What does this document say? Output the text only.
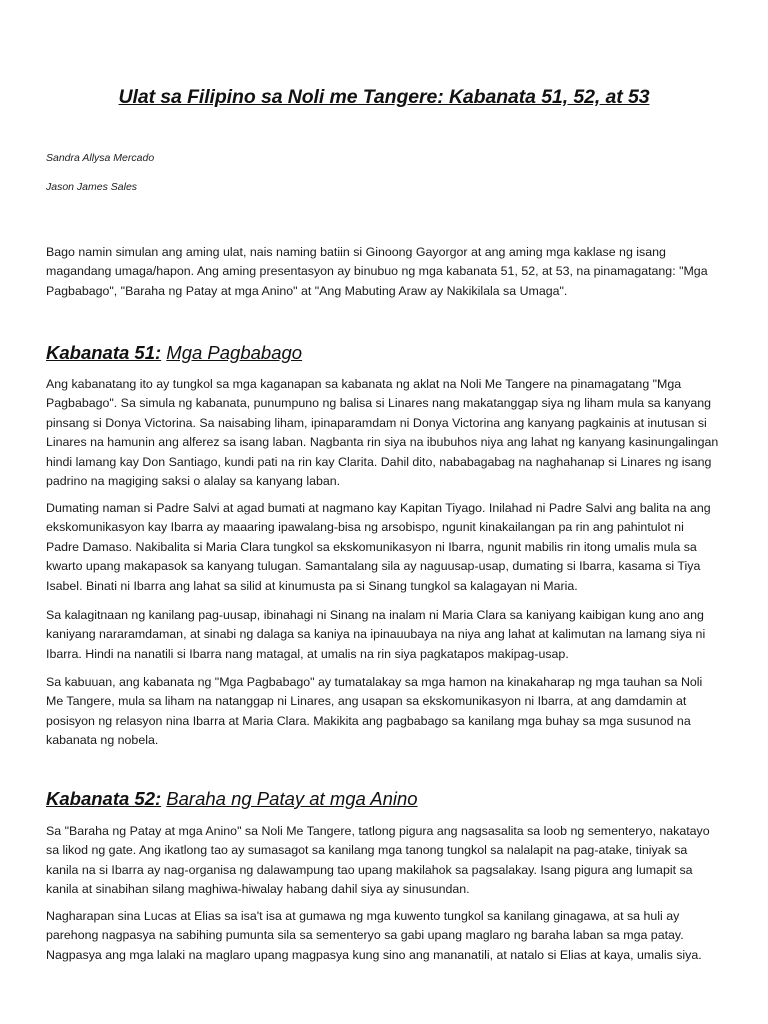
Ulat sa Filipino sa Noli me Tangere: Kabanata 51, 52, at 53
Sandra Allysa Mercado
Jason James Sales
Bago namin simulan ang aming ulat, nais naming batiin si Ginoong Gayorgor at ang aming mga kaklase ng isang
magandang umaga/hapon. Ang aming presentasyon ay binubuo ng mga kabanata 51, 52, at 53, na pinamagatang: "Mga
Pagbabago", "Baraha ng Patay at mga Anino" at "Ang Mabuting Araw ay Nakikilala sa Umaga".
Kabanata 51: Mga Pagbabago
Ang kabanatang ito ay tungkol sa mga kaganapan sa kabanata ng aklat na Noli Me Tangere na pinamagatang "Mga
Pagbabago". Sa simula ng kabanata, punumpuno ng balisa si Linares nang makatanggap siya ng liham mula sa kanyang
pinsang si Donya Victorina. Sa naisabing liham, ipinaparamdam ni Donya Victorina ang kanyang pagkainis at inutusan si
Linares na hamunin ang alferez sa isang laban. Nagbanta rin siya na ibubuhos niya ang lahat ng kanyang kasinungalingan
hindi lamang kay Don Santiago, kundi pati na rin kay Clarita. Dahil dito, nababagabag na naghahanap si Linares ng isang
padrino na magiging saksi o alalay sa kanyang laban.
Dumating naman si Padre Salvi at agad bumati at nagmano kay Kapitan Tiyago. Inilahad ni Padre Salvi ang balita na ang
ekskomunikasyon kay Ibarra ay maaaring ipawalang-bisa ng arsobispo, ngunit kinakailangan pa rin ang pahintulot ni
Padre Damaso. Nakibalita si Maria Clara tungkol sa ekskomunikasyon ni Ibarra, ngunit mabilis rin itong umalis mula sa
kwarto upang makapasok sa kanyang tulugan. Samantalang sila ay naguusap-usap, dumating si Ibarra, kasama si Tiya
Isabel. Binati ni Ibarra ang lahat sa silid at kinumusta pa si Sinang tungkol sa kalagayan ni Maria.
Sa kalagitnaan ng kanilang pag-uusap, ibinahagi ni Sinang na inalam ni Maria Clara sa kaniyang kaibigan kung ano ang
kaniyang nararamdaman, at sinabi ng dalaga sa kaniya na ipinauubaya na niya ang lahat at kalimutan na lamang siya ni
Ibarra. Hindi na nanatili si Ibarra nang matagal, at umalis na rin siya pagkatapos makipag-usap.
Sa kabuuan, ang kabanata ng "Mga Pagbabago" ay tumatalakay sa mga hamon na kinakaharap ng mga tauhan sa Noli
Me Tangere, mula sa liham na natanggap ni Linares, ang usapan sa ekskomunikasyon ni Ibarra, at ang damdamin at
posisyon ng relasyon nina Ibarra at Maria Clara. Makikita ang pagbabago sa kanilang mga buhay sa mga susunod na
kabanata ng nobela.
Kabanata 52: Baraha ng Patay at mga Anino
Sa "Baraha ng Patay at mga Anino" sa Noli Me Tangere, tatlong pigura ang nagsasalita sa loob ng sementeryo, nakatayo
sa likod ng gate. Ang ikatlong tao ay sumasagot sa kanilang mga tanong tungkol sa nalalapit na pag-atake, tiniyak sa
kanila na si Ibarra ay nag-organisa ng dalawampung tao upang makilahok sa pagsalakay. Isang pigura ang lumapit sa
kanila at sinabihan silang maghiwa-hiwalay habang dahil siya ay sinusundan.
Nagharapan sina Lucas at Elias sa isa't isa at gumawa ng mga kuwento tungkol sa kanilang ginagawa, at sa huli ay
parehong nagpasya na sabihing pumunta sila sa sementeryo sa gabi upang maglaro ng baraha laban sa mga patay.
Nagpasya ang mga lalaki na maglaro upang magpasya kung sino ang mananatili, at natalo si Elias at kaya, umalis siya.
